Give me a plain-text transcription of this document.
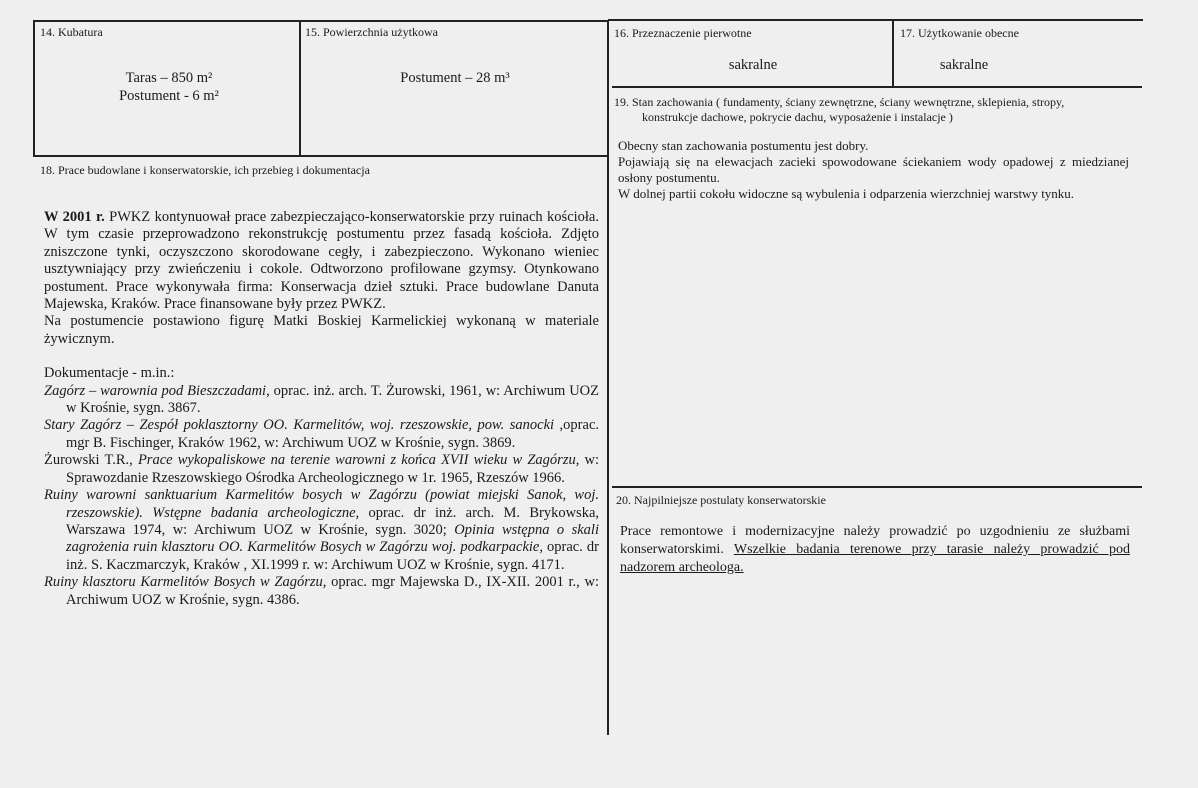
14. Kubatura
Taras – 850 m²
Postument - 6 m²
15. Powierzchnia użytkowa
Postument – 28 m³
16. Przeznaczenie pierwotne
sakralne
17. Użytkowanie obecne
sakralne
19. Stan zachowania ( fundamenty, ściany zewnętrzne, ściany wewnętrzne, sklepienia, stropy,
konstrukcje dachowe, pokrycie dachu, wyposażenie i instalacje )
Obecny stan zachowania postumentu jest dobry.
Pojawiają się na elewacjach zacieki spowodowane ściekaniem wody opadowej z miedzianej osłony postumentu.
W dolnej partii cokołu widoczne są wybulenia i odparzenia wierzchniej warstwy tynku.
18. Prace budowlane i konserwatorskie, ich przebieg i dokumentacja
W 2001 r. PWKZ kontynuował prace zabezpieczająco-konserwatorskie przy ruinach kościoła. W tym czasie przeprowadzono rekonstrukcję postumentu przez fasadą kościoła. Zdjęto zniszczone tynki, oczyszczono skorodowane cegły, i zabezpieczono. Wykonano wieniec usztywniający przy zwieńczeniu i cokole. Odtworzono profilowane gzymsy. Otynkowano postument. Prace wykonywała firma: Konserwacja dzieł sztuki. Prace budowlane Danuta Majewska, Kraków. Prace finansowane były przez PWKZ.
Na postumencie postawiono figurę Matki Boskiej Karmelickiej wykonaną w materiale żywicznym.
Dokumentacje - m.in.:
Zagórz – warownia pod Bieszczadami, oprac. inż. arch. T. Żurowski, 1961, w: Archiwum UOZ w Krośnie, sygn. 3867.
Stary Zagórz – Zespół poklasztorny OO. Karmelitów, woj. rzeszowskie, pow. sanocki ,oprac. mgr B. Fischinger, Kraków 1962, w: Archiwum UOZ w Krośnie, sygn. 3869.
Żurowski T.R., Prace wykopaliskowe na terenie warowni z końca XVII wieku w Zagórzu, w: Sprawozdanie Rzeszowskiego Ośrodka Archeologicznego w 1r. 1965, Rzeszów 1966.
Ruiny warowni sanktuarium Karmelitów bosych w Zagórzu (powiat miejski Sanok, woj. rzeszowskie). Wstępne badania archeologiczne, oprac. dr inż. arch. M. Brykowska, Warszawa 1974, w: Archiwum UOZ w Krośnie, sygn. 3020; Opinia wstępna o skali zagrożenia ruin klasztoru OO. Karmelitów Bosych w Zagórzu woj. podkarpackie, oprac. dr inż. S. Kaczmarczyk, Kraków , XI.1999 r. w: Archiwum UOZ w Krośnie, sygn. 4171.
Ruiny klasztoru Karmelitów Bosych w Zagórzu, oprac. mgr Majewska D., IX-XII. 2001 r., w: Archiwum UOZ w Krośnie, sygn. 4386.
20. Najpilniejsze postulaty konserwatorskie
Prace remontowe i modernizacyjne należy prowadzić po uzgodnieniu ze służbami konserwatorskimi. Wszelkie badania terenowe przy tarasie należy prowadzić pod nadzorem archeologa.
